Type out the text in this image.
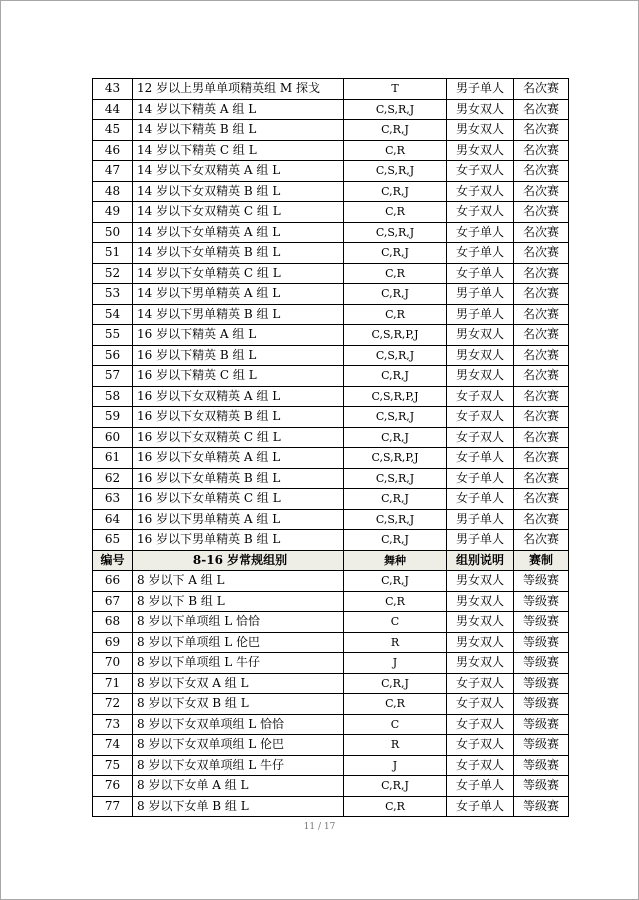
43	12 岁以上男单单项精英组 M 探戈	T	男子单人	名次赛
44	14 岁以下精英 A 组 L	C,S,R,J	男女双人	名次赛
45	14 岁以下精英 B 组 L	C,R,J	男女双人	名次赛
46	14 岁以下精英 C 组 L	C,R	男女双人	名次赛
47	14 岁以下女双精英 A 组 L	C,S,R,J	女子双人	名次赛
48	14 岁以下女双精英 B 组 L	C,R,J	女子双人	名次赛
49	14 岁以下女双精英 C 组 L	C,R	女子双人	名次赛
50	14 岁以下女单精英 A 组 L	C,S,R,J	女子单人	名次赛
51	14 岁以下女单精英 B 组 L	C,R,J	女子单人	名次赛
52	14 岁以下女单精英 C 组 L	C,R	女子单人	名次赛
53	14 岁以下男单精英 A 组 L	C,R,J	男子单人	名次赛
54	14 岁以下男单精英 B 组 L	C,R	男子单人	名次赛
55	16 岁以下精英 A 组 L	C,S,R,P,J	男女双人	名次赛
56	16 岁以下精英 B 组 L	C,S,R,J	男女双人	名次赛
57	16 岁以下精英 C 组 L	C,R,J	男女双人	名次赛
58	16 岁以下女双精英 A 组 L	C,S,R,P,J	女子双人	名次赛
59	16 岁以下女双精英 B 组 L	C,S,R,J	女子双人	名次赛
60	16 岁以下女双精英 C 组 L	C,R,J	女子双人	名次赛
61	16 岁以下女单精英 A 组 L	C,S,R,P,J	女子单人	名次赛
62	16 岁以下女单精英 B 组 L	C,S,R,J	女子单人	名次赛
63	16 岁以下女单精英 C 组 L	C,R,J	女子单人	名次赛
64	16 岁以下男单精英 A 组 L	C,S,R,J	男子单人	名次赛
65	16 岁以下男单精英 B 组 L	C,R,J	男子单人	名次赛
编号	8-16 岁常规组别	舞种	组别说明	赛制
66	8 岁以下 A 组 L	C,R,J	男女双人	等级赛
67	8 岁以下 B 组 L	C,R	男女双人	等级赛
68	8 岁以下单项组 L 恰恰	C	男女双人	等级赛
69	8 岁以下单项组 L 伦巴	R	男女双人	等级赛
70	8 岁以下单项组 L 牛仔	J	男女双人	等级赛
71	8 岁以下女双 A 组 L	C,R,J	女子双人	等级赛
72	8 岁以下女双 B 组 L	C,R	女子双人	等级赛
73	8 岁以下女双单项组 L 恰恰	C	女子双人	等级赛
74	8 岁以下女双单项组 L 伦巴	R	女子双人	等级赛
75	8 岁以下女双单项组 L 牛仔	J	女子双人	等级赛
76	8 岁以下女单 A 组 L	C,R,J	女子单人	等级赛
77	8 岁以下女单 B 组 L	C,R	女子单人	等级赛
11 / 17
